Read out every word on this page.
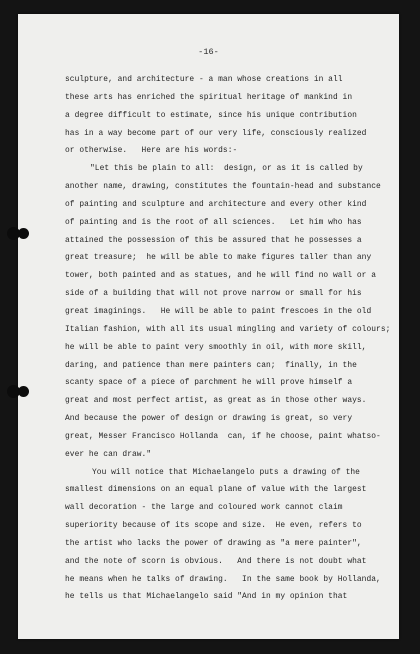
-16-
sculpture, and architecture - a man whose creations in all
these arts has enriched the spiritual heritage of mankind in
a degree difficult to estimate, since his unique contribution
has in a way become part of our very life, consciously realized
or otherwise.   Here are his words:-
"Let this be plain to all:  design, or as it is called by
another name, drawing, constitutes the fountain-head and substance
of painting and sculpture and architecture and every other kind
of painting and is the root of all sciences.   Let him who has
attained the possession of this be assured that he possesses a
great treasure;  he will be able to make figures taller than any
tower, both painted and as statues, and he will find no wall or a
side of a building that will not prove narrow or small for his
great imaginings.   He will be able to paint frescoes in the old
Italian fashion, with all its usual mingling and variety of colours;
he will be able to paint very smoothly in oil, with more skill,
daring, and patience than mere painters can;  finally, in the
scanty space of a piece of parchment he will prove himself a
great and most perfect artist, as great as in those other ways.
And because the power of design or drawing is great, so very
great, Messer Francisco Hollanda  can, if he choose, paint whatso-
ever he can draw."
You will notice that Michaelangelo puts a drawing of the
smallest dimensions on an equal plane of value with the largest
wall decoration - the large and coloured work cannot claim
superiority because of its scope and size.  He even, refers to
the artist who lacks the power of drawing as "a mere painter",
and the note of scorn is obvious.   And there is not doubt what
he means when he talks of drawing.   In the same book by Hollanda,
he tells us that Michaelangelo said "And in my opinion that
